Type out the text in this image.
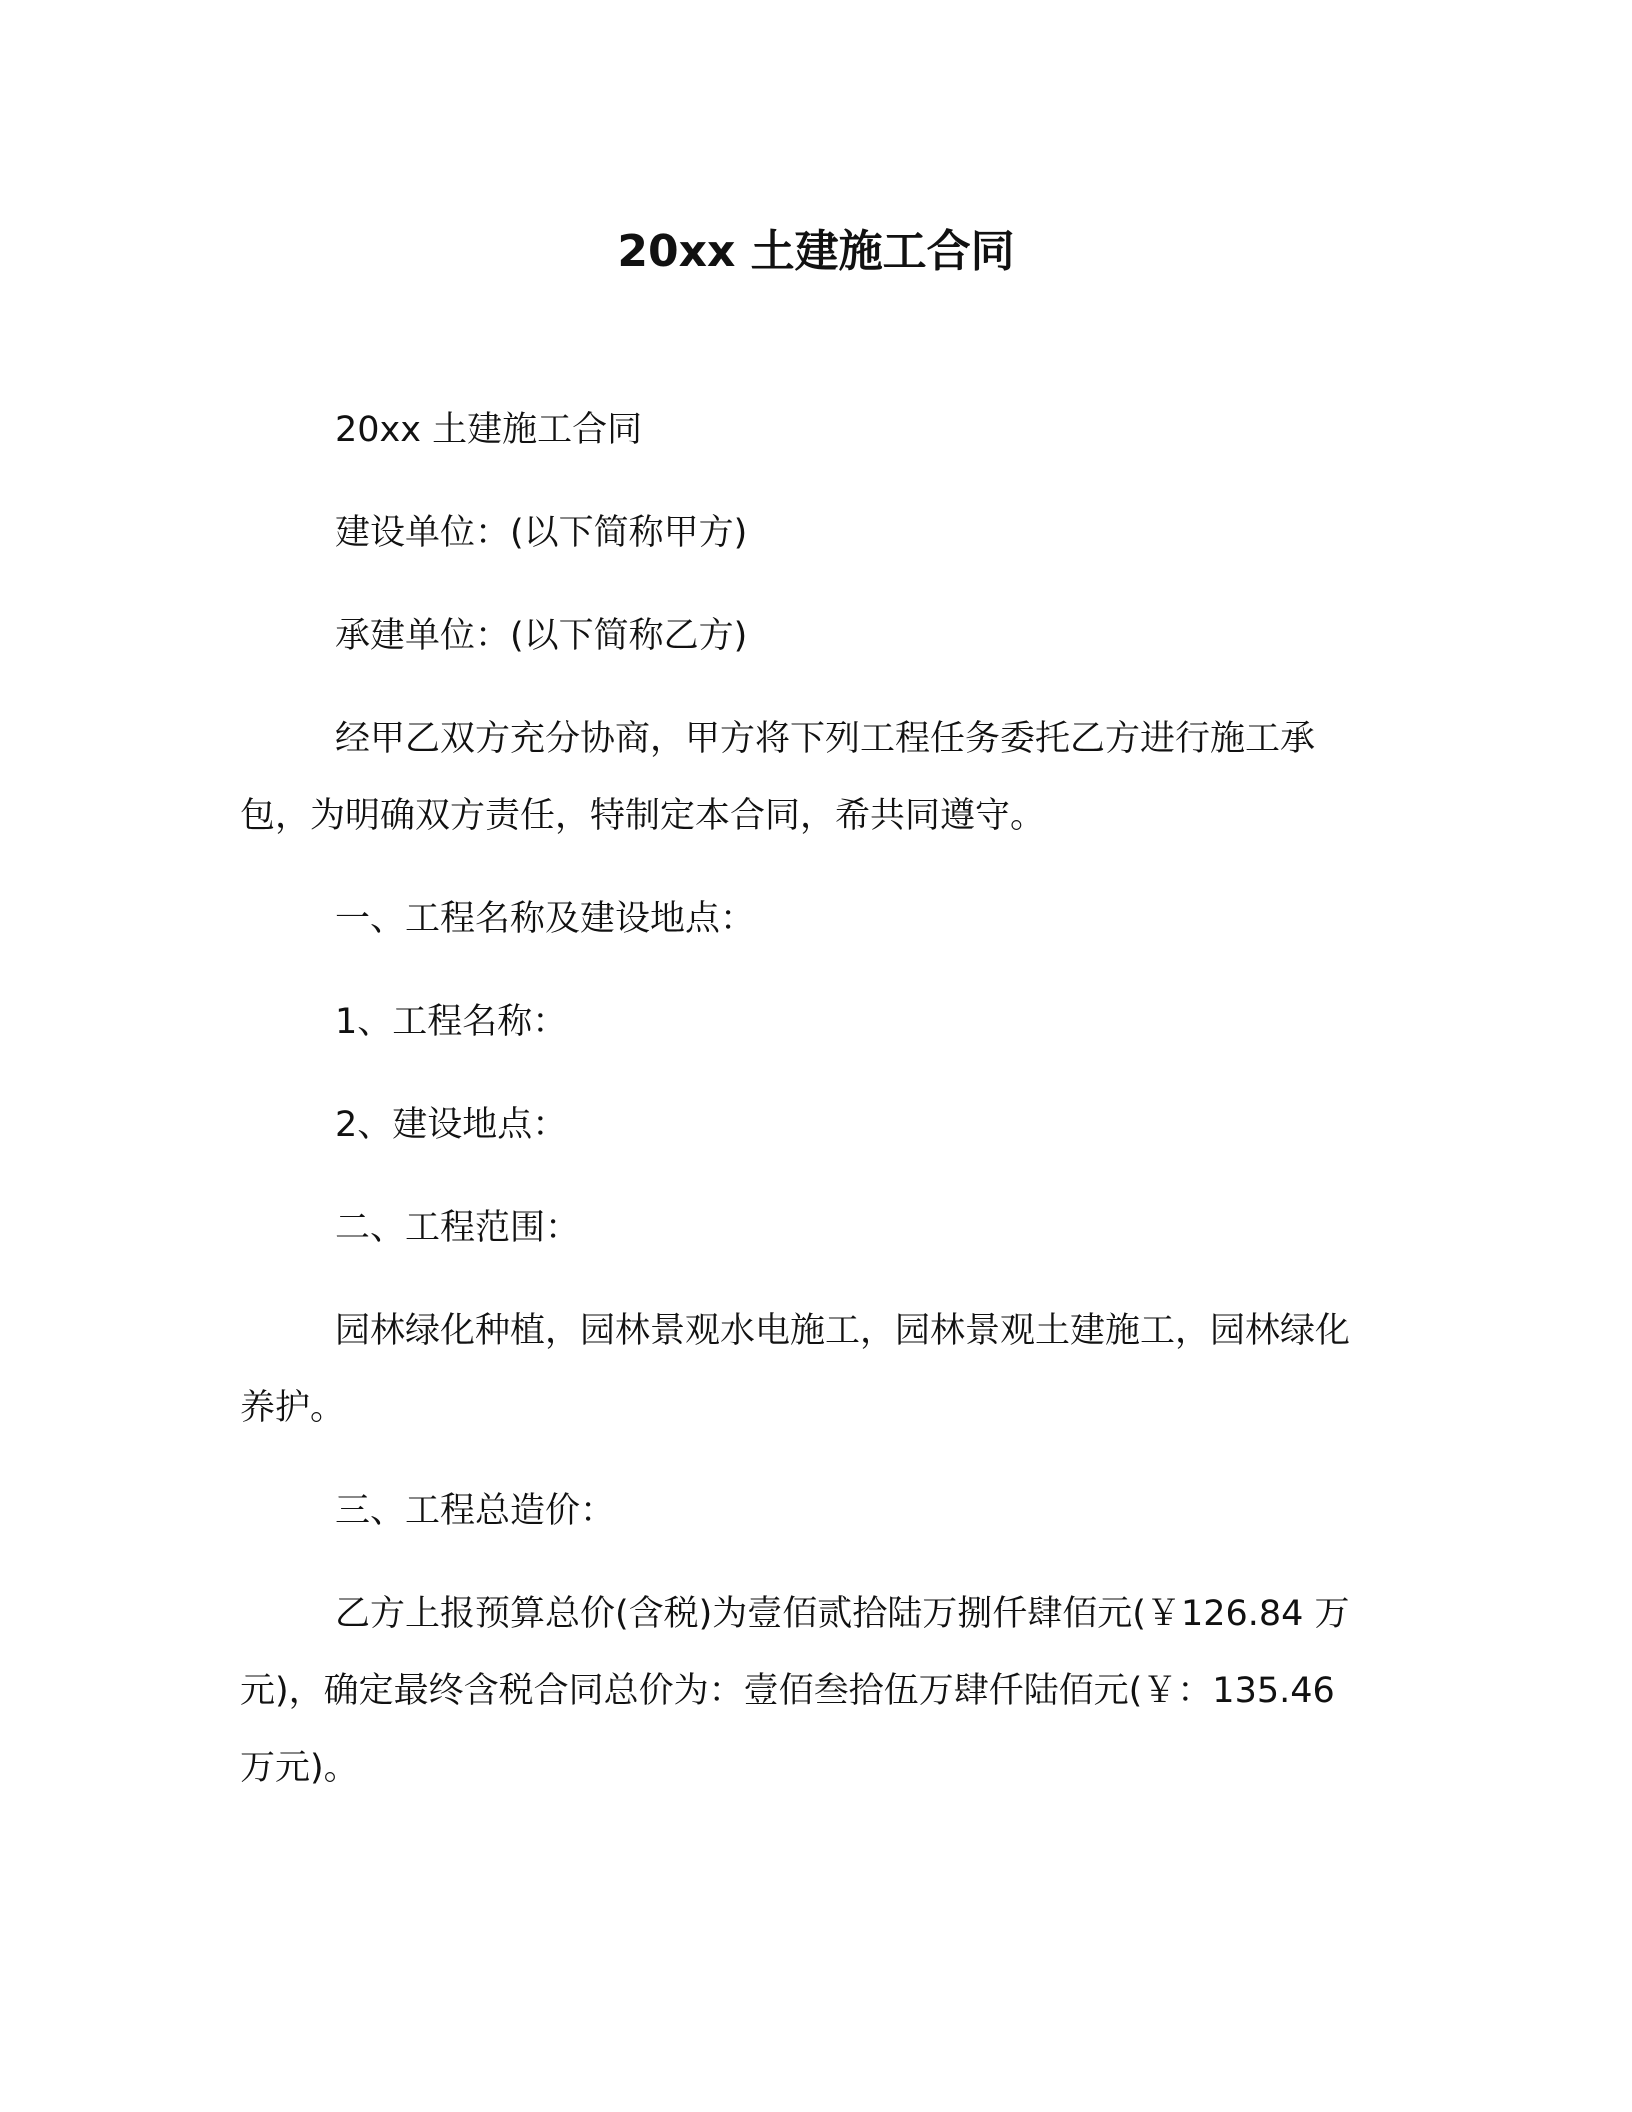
20xx 土建施工合同

20xx 土建施工合同

建设单位：(以下简称甲方)

承建单位：(以下简称乙方)

经甲乙双方充分协商，甲方将下列工程任务委托乙方进行施工承包，为明确双方责任，特制定本合同，希共同遵守。

一、工程名称及建设地点：

1、工程名称：

2、建设地点：

二、工程范围：

园林绿化种植，园林景观水电施工，园林景观土建施工，园林绿化养护。

三、工程总造价：

乙方上报预算总价(含税)为壹佰贰拾陆万捌仟肆佰元(￥126.84 万元)，确定最终含税合同总价为：壹佰叁拾伍万肆仟陆佰元(￥：135.46 万元)。
